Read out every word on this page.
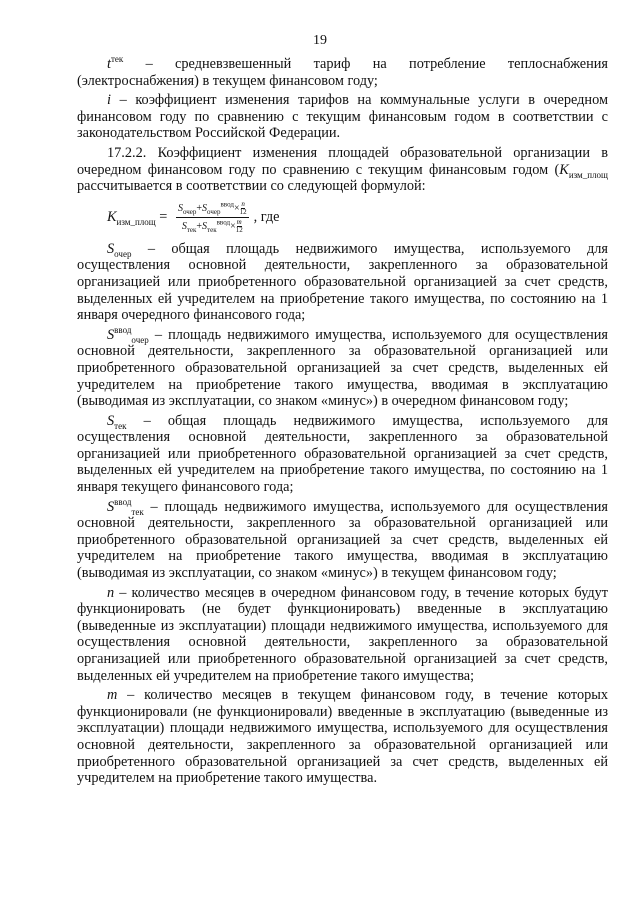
19

$t^{тек}$ – средневзвешенный тариф на потребление теплоснабжения (электроснабжения) в текущем финансовом году;

i – коэффициент изменения тарифов на коммунальные услуги в очередном финансовом году по сравнению с текущим финансовым годом в соответствии с законодательством Российской Федерации.

17.2.2. Коэффициент изменения площадей образовательной организации в очередном финансовом году по сравнению с текущим финансовым годом ($K_{изм\_площ}$ рассчитывается в соответствии со следующей формулой:

$K_{изм\_площ} = \frac{S_{очер}+S_{очер}^{ввод}\times \frac{n}{12}}{S_{тек}+S_{тек}^{ввод}\times \frac{m}{12}}$ , где

$S_{очер}$ – общая площадь недвижимого имущества, используемого для осуществления основной деятельности, закрепленного за образовательной организацией или приобретенного образовательной организацией за счет средств, выделенных ей учредителем на приобретение такого имущества, по состоянию на 1 января очередного финансового года;

$S^{ввод}_{очер}$ – площадь недвижимого имущества, используемого для осуществления основной деятельности, закрепленного за образовательной организацией или приобретенного образовательной организацией за счет средств, выделенных ей учредителем на приобретение такого имущества, вводимая в эксплуатацию (выводимая из эксплуатации, со знаком «минус») в очередном финансовом году;

$S_{тек}$ – общая площадь недвижимого имущества, используемого для осуществления основной деятельности, закрепленного за образовательной организацией или приобретенного образовательной организацией за счет средств, выделенных ей учредителем на приобретение такого имущества, по состоянию на 1 января текущего финансового года;

$S^{ввод}_{тек}$ – площадь недвижимого имущества, используемого для осуществления основной деятельности, закрепленного за образовательной организацией или приобретенного образовательной организацией за счет средств, выделенных ей учредителем на приобретение такого имущества, вводимая в эксплуатацию (выводимая из эксплуатации, со знаком «минус») в текущем финансовом году;

n – количество месяцев в очередном финансовом году, в течение которых будут функционировать (не будет функционировать) введенные в эксплуатацию (выведенные из эксплуатации) площади недвижимого имущества, используемого для осуществления основной деятельности, закрепленного за образовательной организацией или приобретенного образовательной организацией за счет средств, выделенных ей учредителем на приобретение такого имущества;

m – количество месяцев в текущем финансовом году, в течение которых функционировали (не функционировали) введенные в эксплуатацию (выведенные из эксплуатации) площади недвижимого имущества, используемого для осуществления основной деятельности, закрепленного за образовательной организацией или приобретенного образовательной организацией за счет средств, выделенных ей учредителем на приобретение такого имущества.
